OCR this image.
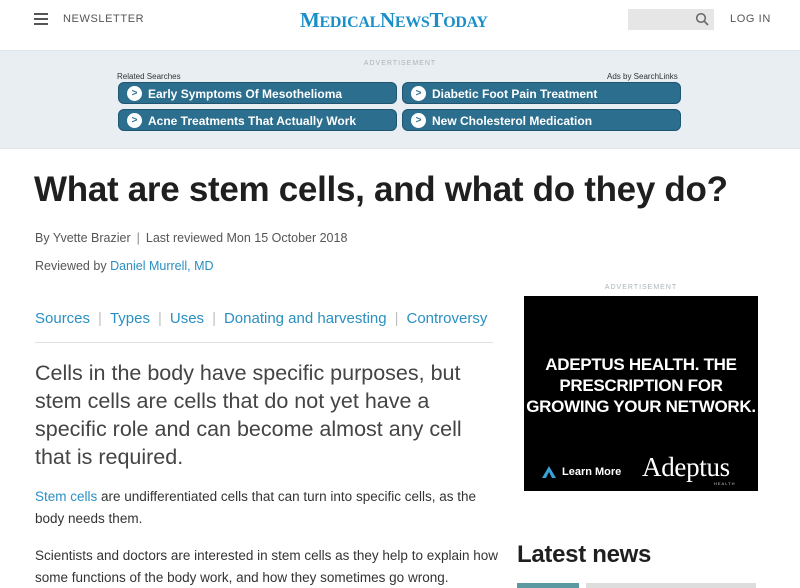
NEWSLETTER	MEDICALNEWSTODAY	LOG IN
ADVERTISEMENT
Related Searches	Ads by SearchLinks
> Early Symptoms Of Mesothelioma	> Diabetic Foot Pain Treatment
> Acne Treatments That Actually Work	> New Cholesterol Medication
What are stem cells, and what do they do?
By Yvette Brazier | Last reviewed Mon 15 October 2018
Reviewed by Daniel Murrell, MD
Sources | Types | Uses | Donating and harvesting | Controversy

Cells in the body have specific purposes, but stem cells are cells that do not yet have a specific role and can become almost any cell that is required.

Stem cells are undifferentiated cells that can turn into specific cells, as the body needs them.

Scientists and doctors are interested in stem cells as they help to explain how some functions of the body work, and how they sometimes go wrong.

ADVERTISEMENT
ADEPTUS HEALTH. THE
PRESCRIPTION FOR
GROWING YOUR NETWORK.
Learn More Adeptus
HEALTH
Latest news
